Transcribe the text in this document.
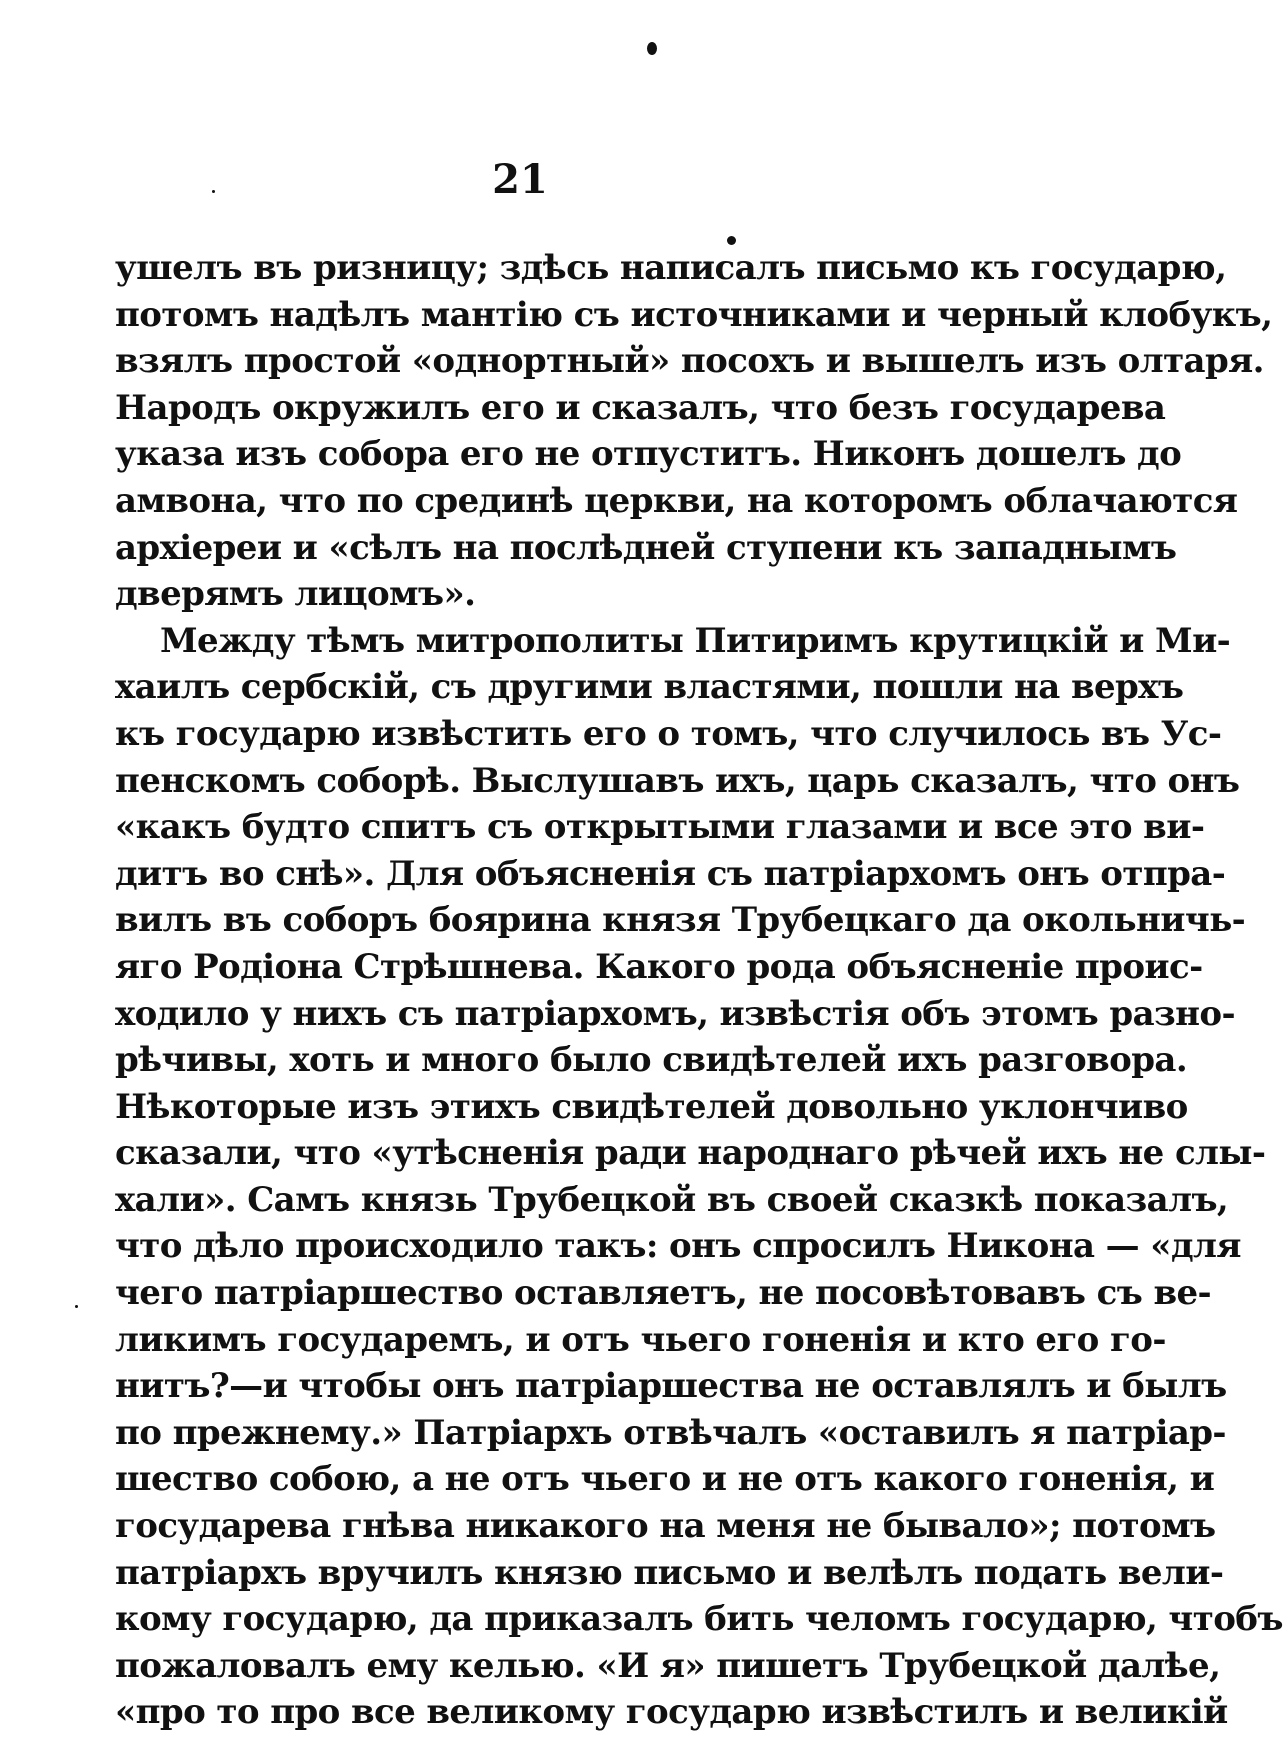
21
ушелъ въ ризницу; здѣсь написалъ письмо къ государю,
потомъ надѣлъ мантію съ источниками и черный клобукъ,
взялъ простой «однортный» посохъ и вышелъ изъ олтаря.
Народъ окружилъ его и сказалъ, что безъ государева
указа изъ собора его не отпуститъ. Никонъ дошелъ до
амвона, что по срединѣ церкви, на которомъ облачаются
архіереи и «сѣлъ на послѣдней ступени къ западнымъ
дверямъ лицомъ».
Между тѣмъ митрополиты Питиримъ крутицкій и Ми-
хаилъ сербскій, съ другими властями, пошли на верхъ
къ государю извѣстить его о томъ, что случилось въ Ус-
пенскомъ соборѣ. Выслушавъ ихъ, царь сказалъ, что онъ
«какъ будто спитъ съ открытыми глазами и все это ви-
дитъ во снѣ». Для объясненія съ патріархомъ онъ отпра-
вилъ въ соборъ боярина князя Трубецкаго да окольничь-
яго Родіона Стрѣшнева. Какого рода объясненіе проис-
ходило у нихъ съ патріархомъ, извѣстія объ этомъ разно-
рѣчивы, хоть и много было свидѣтелей ихъ разговора.
Нѣкоторые изъ этихъ свидѣтелей довольно уклончиво
сказали, что «утѣсненія ради народнаго рѣчей ихъ не слы-
хали». Самъ князь Трубецкой въ своей сказкѣ показалъ,
что дѣло происходило такъ: онъ спросилъ Никона — «для
чего патріаршество оставляетъ, не посовѣтовавъ съ ве-
ликимъ государемъ, и отъ чьего гоненія и кто его го-
нитъ?—и чтобы онъ патріаршества не оставлялъ и былъ
по прежнему.» Патріархъ отвѣчалъ «оставилъ я патріар-
шество собою, а не отъ чьего и не отъ какого гоненія, и
государева гнѣва никакого на меня не бывало»; потомъ
патріархъ вручилъ князю письмо и велѣлъ подать вели-
кому государю, да приказалъ бить челомъ государю, чтобъ
пожаловалъ ему келью. «И я» пишетъ Трубецкой далѣе,
«про то про все великому государю извѣстилъ и великій
